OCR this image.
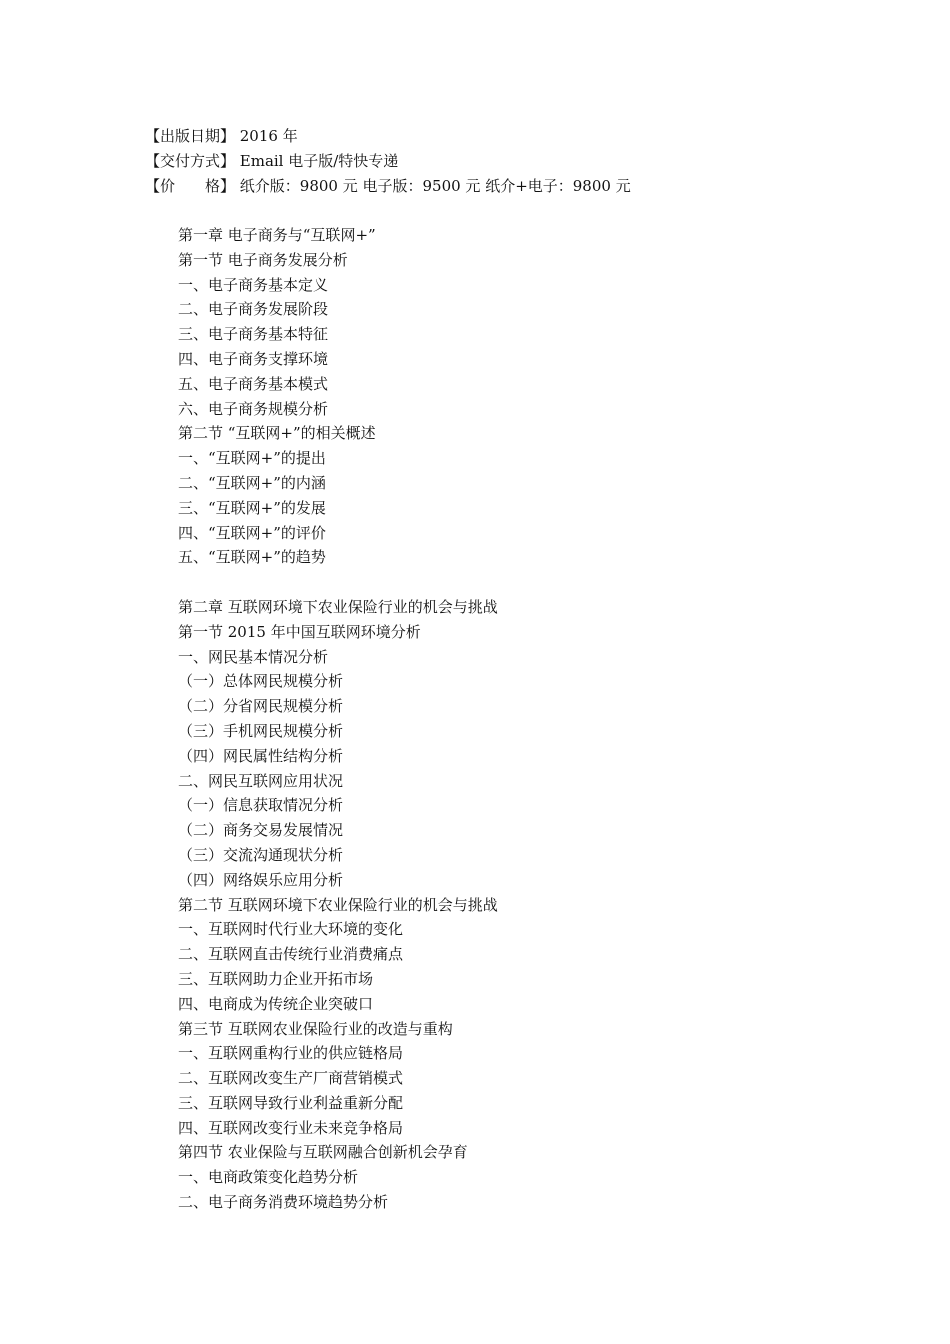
【出版日期】 2016 年
【交付方式】 Email 电子版/特快专递
【价　　格】 纸介版：9800 元 电子版：9500 元 纸介+电子：9800 元
第一章 电子商务与“互联网+”
第一节 电子商务发展分析
一、电子商务基本定义
二、电子商务发展阶段
三、电子商务基本特征
四、电子商务支撑环境
五、电子商务基本模式
六、电子商务规模分析
第二节 “互联网+”的相关概述
一、“互联网+”的提出
二、“互联网+”的内涵
三、“互联网+”的发展
四、“互联网+”的评价
五、“互联网+”的趋势
第二章 互联网环境下农业保险行业的机会与挑战
第一节 2015 年中国互联网环境分析
一、网民基本情况分析
（一）总体网民规模分析
（二）分省网民规模分析
（三）手机网民规模分析
（四）网民属性结构分析
二、网民互联网应用状况
（一）信息获取情况分析
（二）商务交易发展情况
（三）交流沟通现状分析
（四）网络娱乐应用分析
第二节 互联网环境下农业保险行业的机会与挑战
一、互联网时代行业大环境的变化
二、互联网直击传统行业消费痛点
三、互联网助力企业开拓市场
四、电商成为传统企业突破口
第三节 互联网农业保险行业的改造与重构
一、互联网重构行业的供应链格局
二、互联网改变生产厂商营销模式
三、互联网导致行业利益重新分配
四、互联网改变行业未来竞争格局
第四节 农业保险与互联网融合创新机会孕育
一、电商政策变化趋势分析
二、电子商务消费环境趋势分析
